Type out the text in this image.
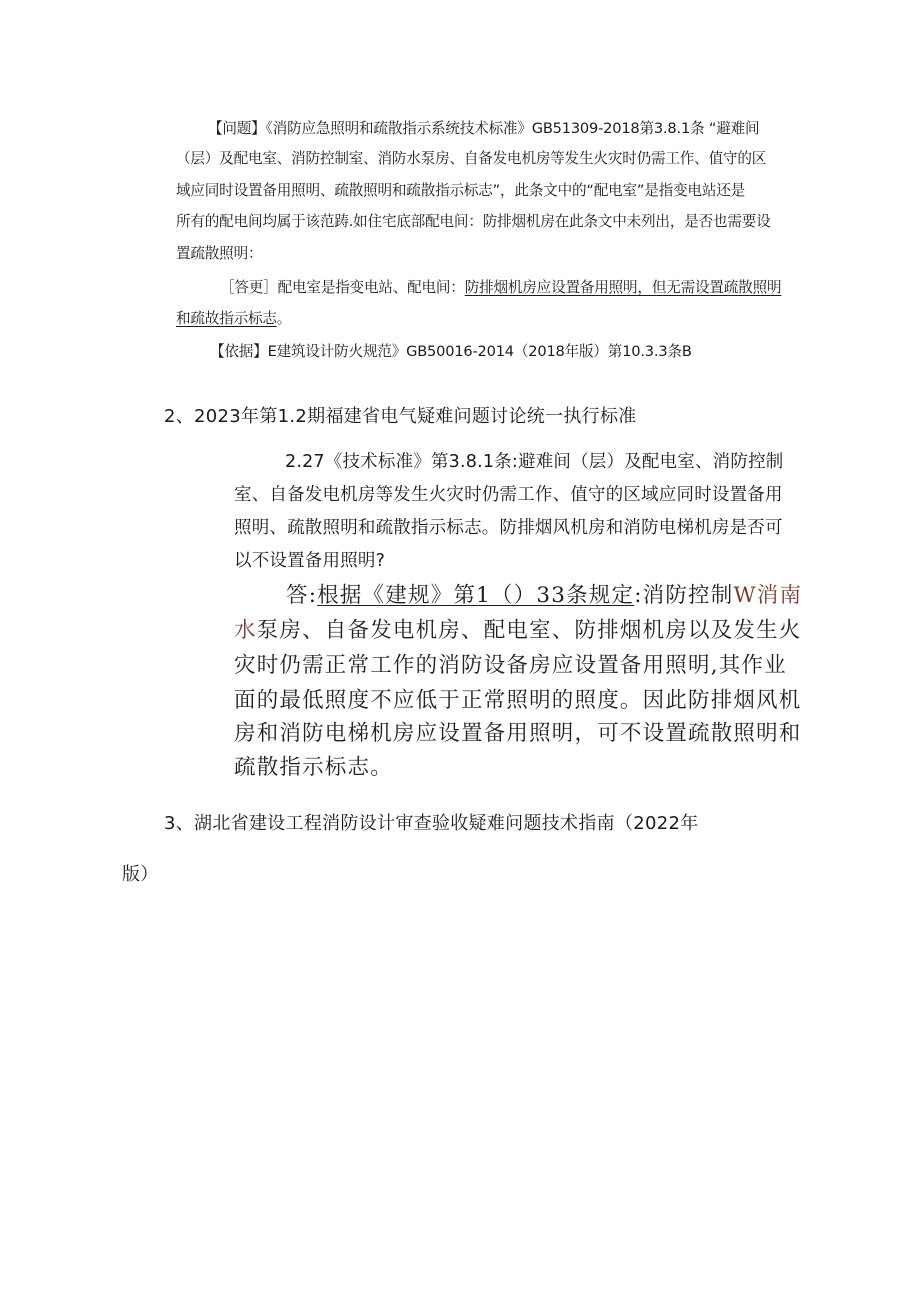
【问题】《消防应急照明和疏散指示系统技术标准》GB51309-2018第3.8.1条 “避难间

（层）及配电室、消防控制室、消防水泵房、自备发电机房等发生火灾时仍需工作、值守的区

域应同时设置备用照明、疏散照明和疏散指示标志”，此条文中的“配电室”是指变电站还是

所有的配电间均属于该范踌.如住宅底部配电间：防排烟机房在此条文中未列出，是否也需要设

置疏散照明：

［答更］配电室是指变电站、配电间：防排烟机房应设置备用照明，但无需设置疏散照明

和疏故指示标志。

【依据】E建筑设计防火规范》GB50016-2014（2018年版）第10.3.3条B

2、2023年第1.2期福建省电气疑难问题讨论统一执行标准

2.27《技术标准》第3.8.1条:避难间（层）及配电室、消防控制

室、自备发电机房等发生火灾时仍需工作、值守的区域应同时设置备用

照明、疏散照明和疏散指示标志。防排烟风机房和消防电梯机房是否可

以不设置备用照明?

答:根据《建规》第1（）33条规定:消防控制W消南

水泵房、自备发电机房、配电室、防排烟机房以及发生火

灾时仍需正常工作的消防设备房应设置备用照明,其作业

面的最低照度不应低于正常照明的照度。因此防排烟风机

房和消防电梯机房应设置备用照明，可不设置疏散照明和

疏散指示标志。

3、湖北省建设工程消防设计审查验收疑难问题技术指南（2022年

版）
